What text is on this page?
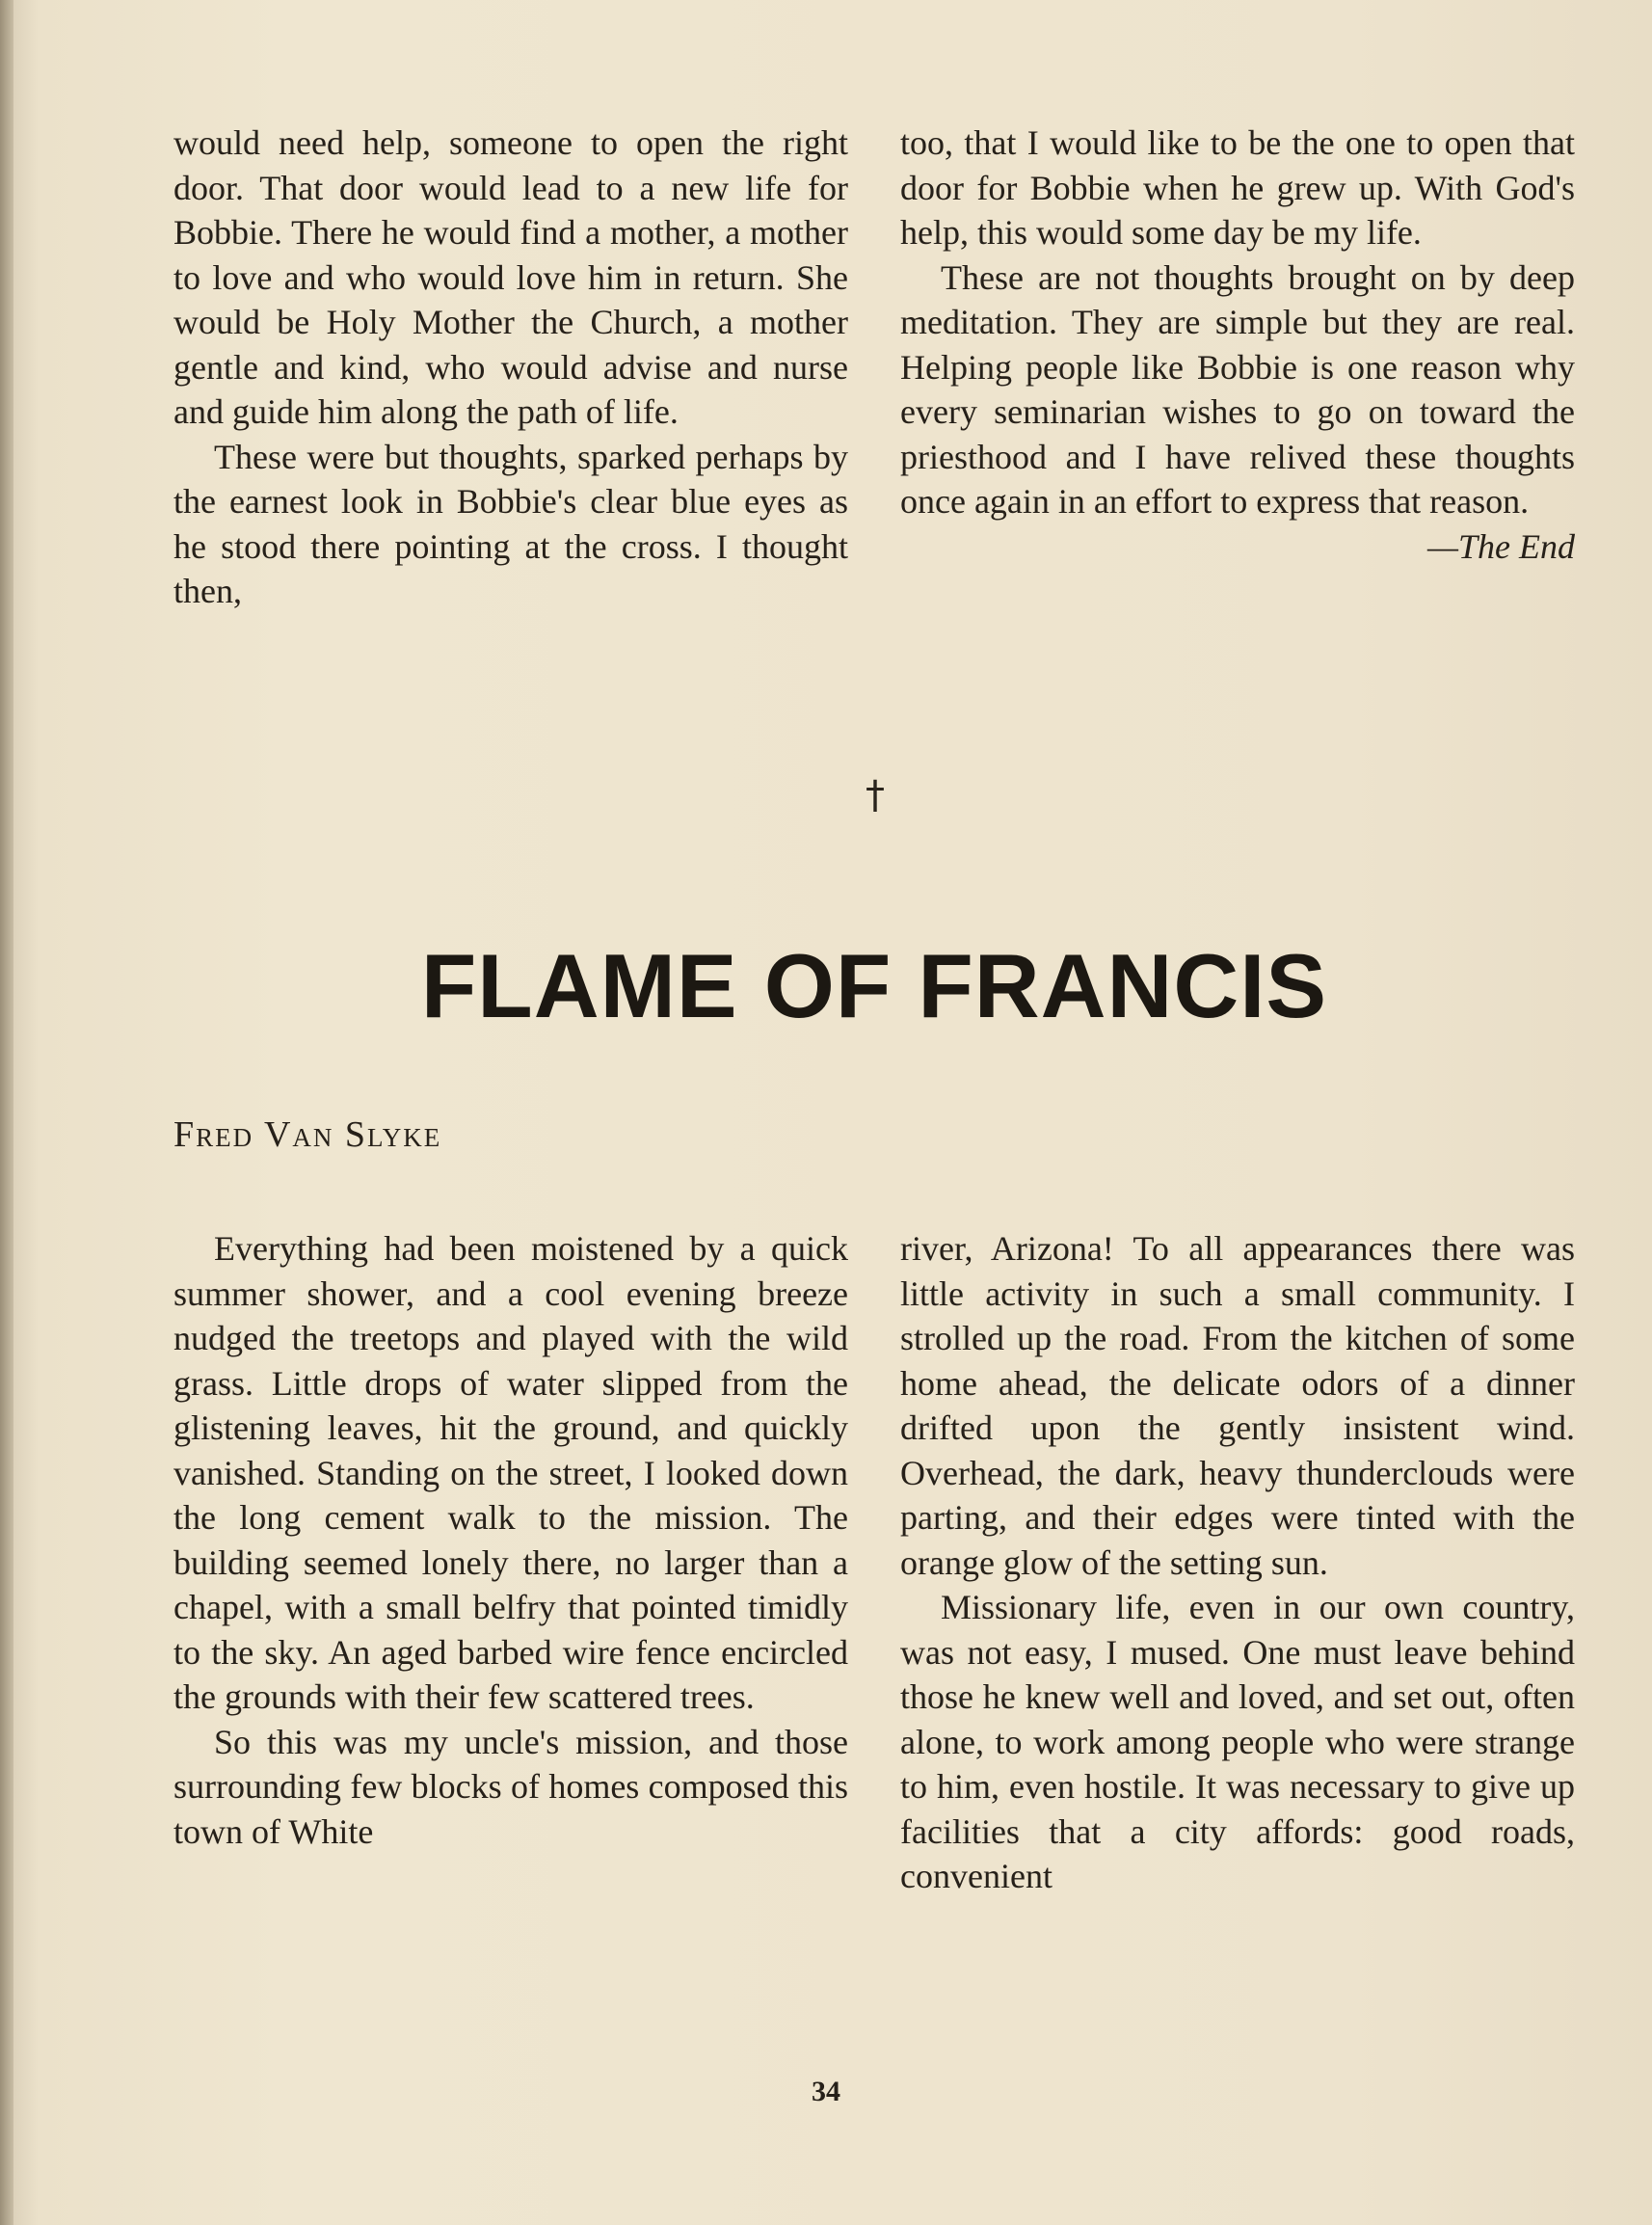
would need help, someone to open the right door. That door would lead to a new life for Bobbie. There he would find a mother, a mother to love and who would love him in return. She would be Holy Mother the Church, a mother gentle and kind, who would advise and nurse and guide him along the path of life.

These were but thoughts, sparked perhaps by the earnest look in Bobbie's clear blue eyes as he stood there pointing at the cross. I thought then,

too, that I would like to be the one to open that door for Bobbie when he grew up. With God's help, this would some day be my life.

These are not thoughts brought on by deep meditation. They are simple but they are real. Helping people like Bobbie is one reason why every seminarian wishes to go on toward the priesthood and I have relived these thoughts once again in an effort to express that reason.

—The End

†
FLAME OF FRANCIS
Fred Van Slyke

Everything had been moistened by a quick summer shower, and a cool evening breeze nudged the treetops and played with the wild grass. Little drops of water slipped from the glistening leaves, hit the ground, and quickly vanished. Standing on the street, I looked down the long cement walk to the mission. The building seemed lonely there, no larger than a chapel, with a small belfry that pointed timidly to the sky. An aged barbed wire fence encircled the grounds with their few scattered trees.

So this was my uncle's mission, and those surrounding few blocks of homes composed this town of White

river, Arizona! To all appearances there was little activity in such a small community. I strolled up the road. From the kitchen of some home ahead, the delicate odors of a dinner drifted upon the gently insistent wind. Overhead, the dark, heavy thunderclouds were parting, and their edges were tinted with the orange glow of the setting sun.

Missionary life, even in our own country, was not easy, I mused. One must leave behind those he knew well and loved, and set out, often alone, to work among people who were strange to him, even hostile. It was necessary to give up facilities that a city affords: good roads, convenient

34
